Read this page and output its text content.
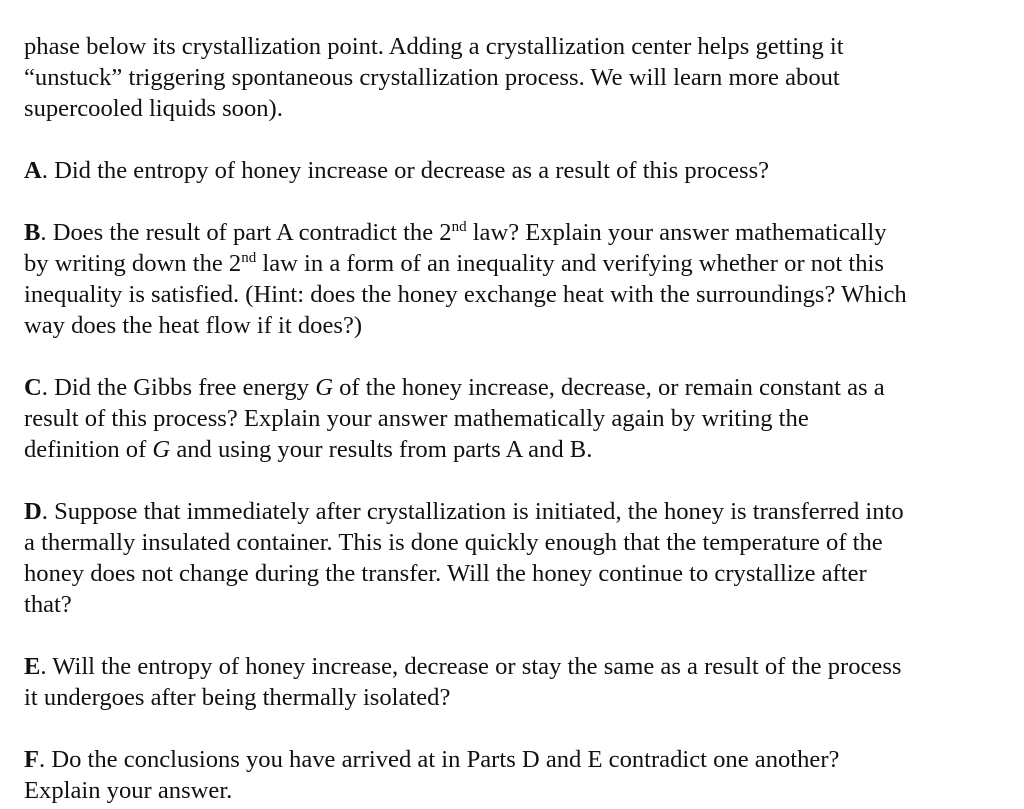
phase below its crystallization point. Adding a crystallization center helps getting it
“unstuck” triggering spontaneous crystallization process. We will learn more about
supercooled liquids soon).

A. Did the entropy of honey increase or decrease as a result of this process?

B. Does the result of part A contradict the 2nd law? Explain your answer mathematically
by writing down the 2nd law in a form of an inequality and verifying whether or not this
inequality is satisfied. (Hint: does the honey exchange heat with the surroundings? Which
way does the heat flow if it does?)

C. Did the Gibbs free energy G of the honey increase, decrease, or remain constant as a
result of this process? Explain your answer mathematically again by writing the
definition of G and using your results from parts A and B.

D. Suppose that immediately after crystallization is initiated, the honey is transferred into
a thermally insulated container. This is done quickly enough that the temperature of the
honey does not change during the transfer. Will the honey continue to crystallize after
that?

E. Will the entropy of honey increase, decrease or stay the same as a result of the process
it undergoes after being thermally isolated?

F. Do the conclusions you have arrived at in Parts D and E contradict one another?
Explain your answer.
